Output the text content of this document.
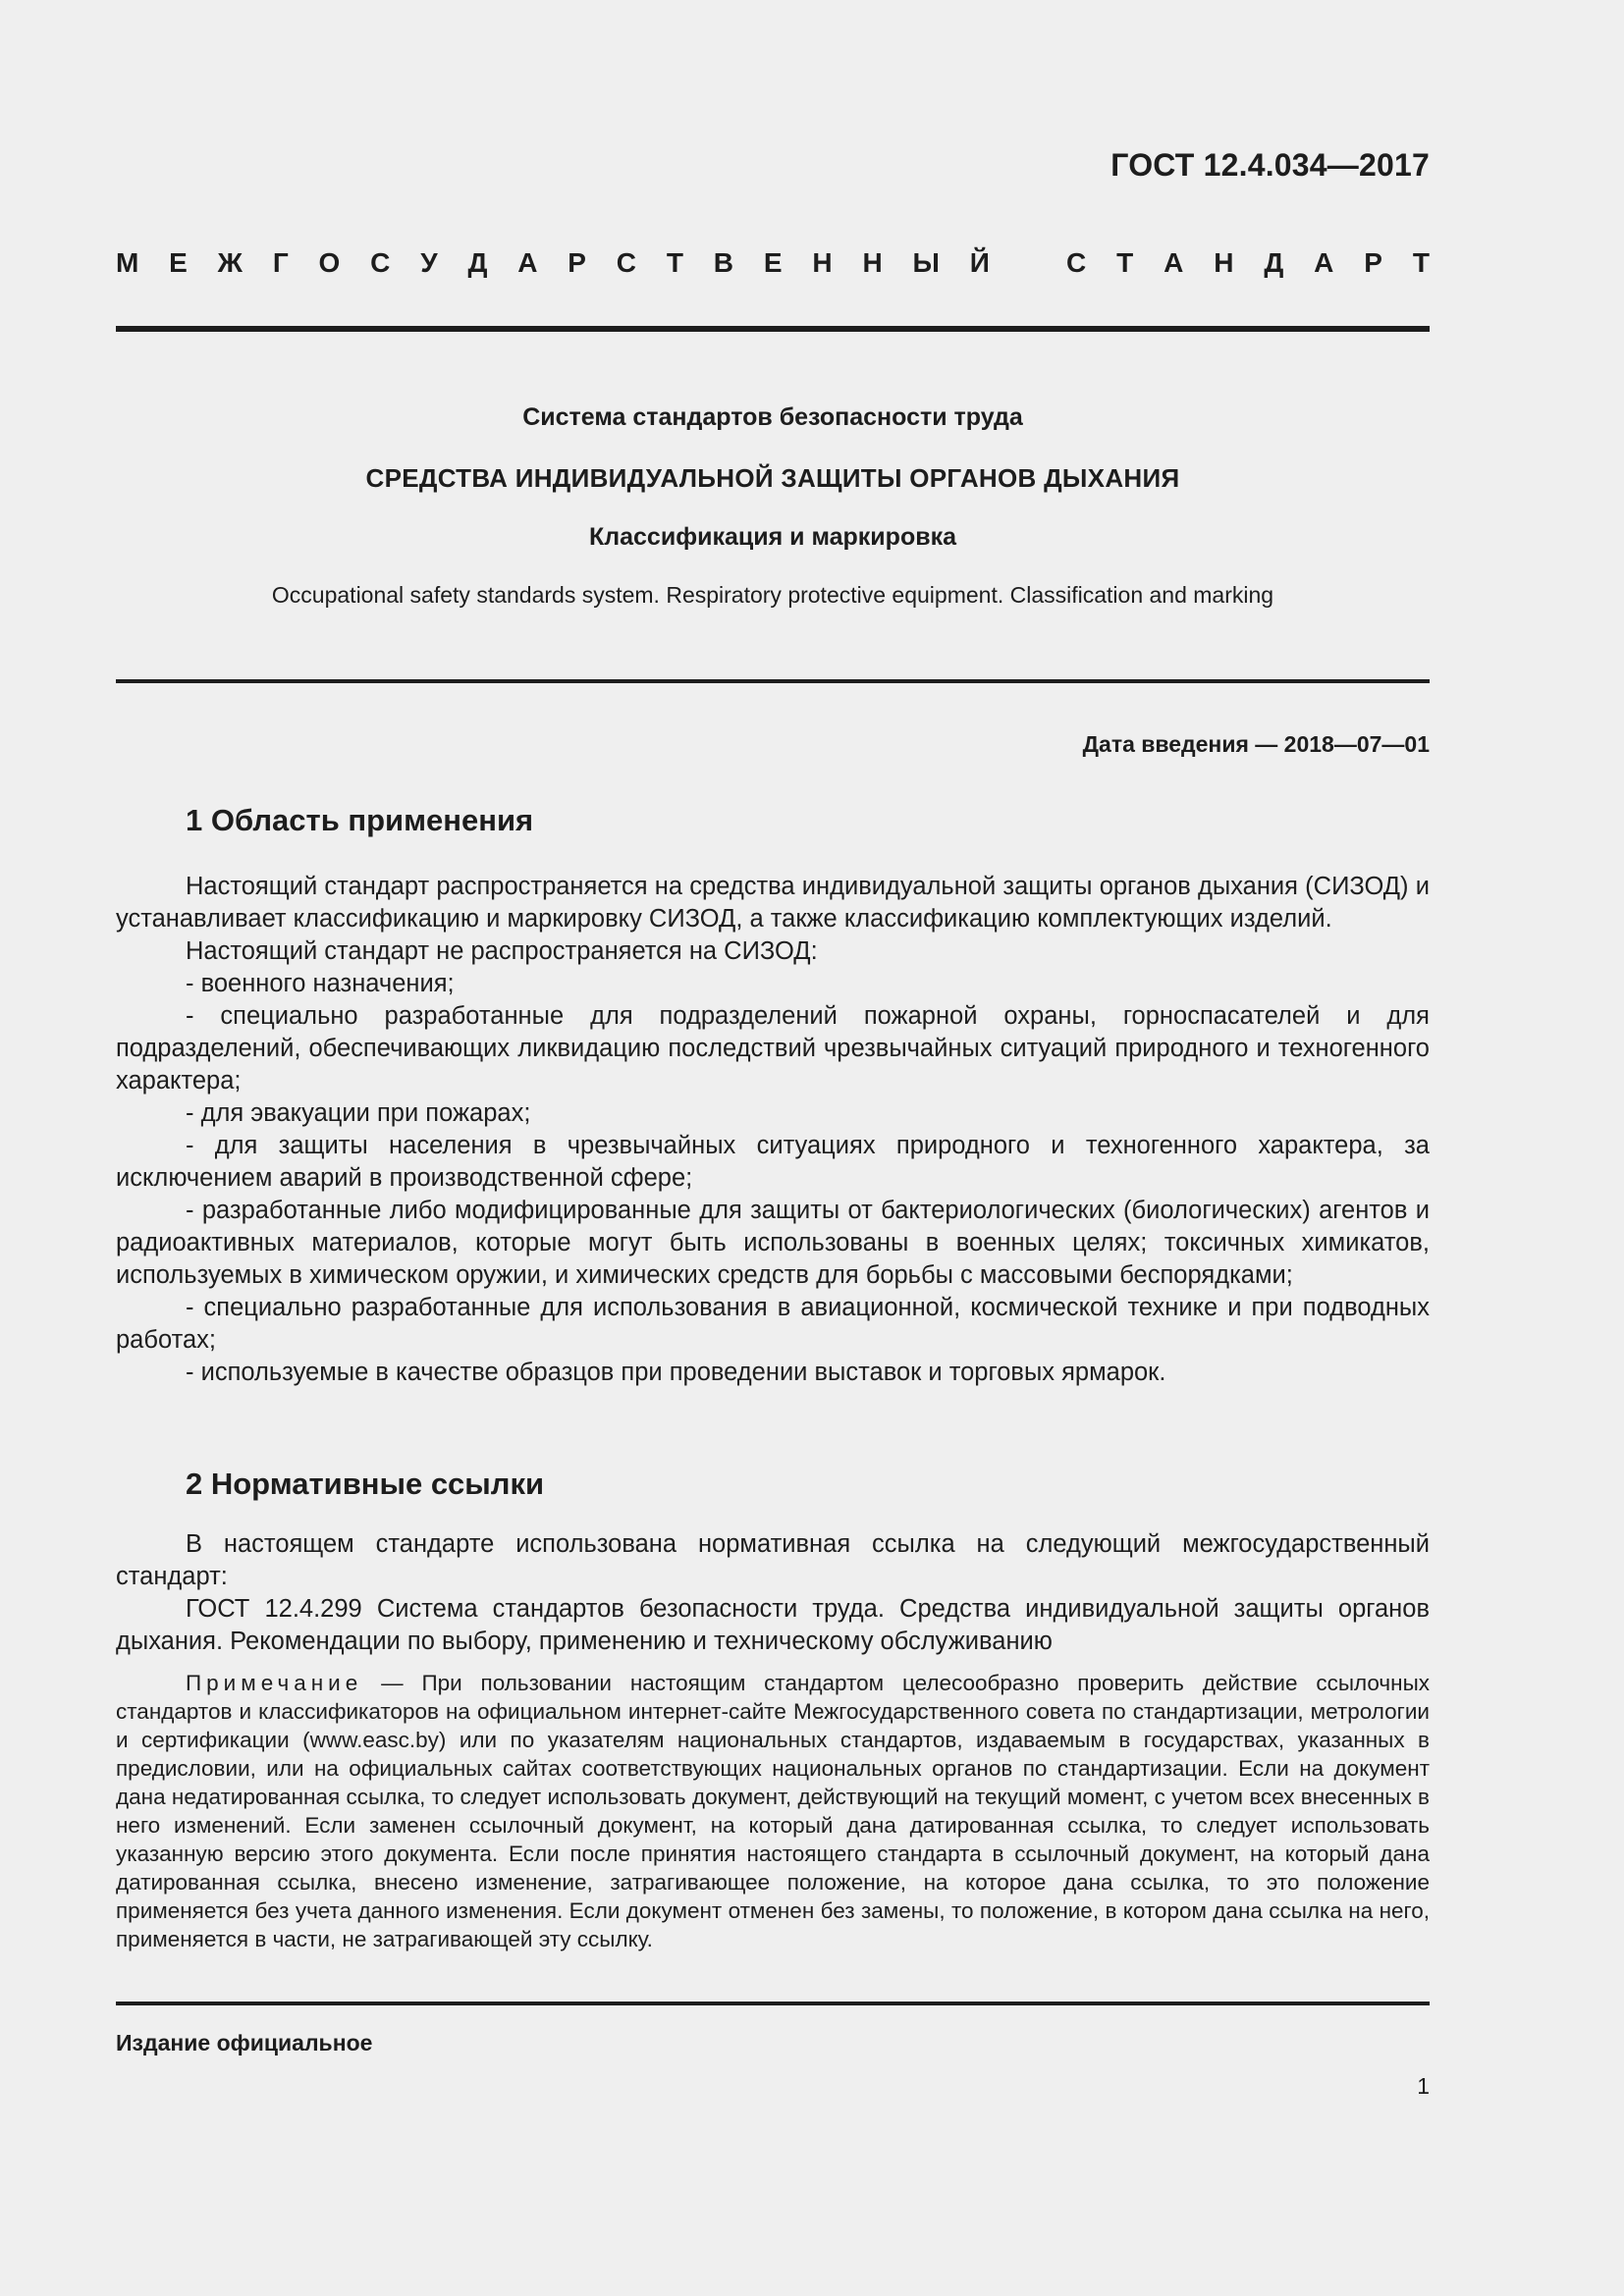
ГОСТ 12.4.034—2017
М Е Ж Г О С У Д А Р С Т В Е Н Н Ы Й	С Т А Н Д А Р Т
Система стандартов безопасности труда
СРЕДСТВА ИНДИВИДУАЛЬНОЙ ЗАЩИТЫ ОРГАНОВ ДЫХАНИЯ
Классификация и маркировка
Occupational safety standards system. Respiratory protective equipment. Classification and marking
Дата введения — 2018—07—01
1 Область применения

Настоящий стандарт распространяется на средства индивидуальной защиты органов дыхания (СИЗОД) и устанавливает классификацию и маркировку СИЗОД, а также классификацию комплектующих изделий.

Настоящий стандарт не распространяется на СИЗОД:

- военного назначения;

- специально разработанные для подразделений пожарной охраны, горноспасателей и для подразделений, обеспечивающих ликвидацию последствий чрезвычайных ситуаций природного и техногенного характера;

- для эвакуации при пожарах;

- для защиты населения в чрезвычайных ситуациях природного и техногенного характера, за исключением аварий в производственной сфере;

- разработанные либо модифицированные для защиты от бактериологических (биологических) агентов и радиоактивных материалов, которые могут быть использованы в военных целях; токсичных химикатов, используемых в химическом оружии, и химических средств для борьбы с массовыми беспорядками;

- специально разработанные для использования в авиационной, космической технике и при подводных работах;

- используемые в качестве образцов при проведении выставок и торговых ярмарок.

2 Нормативные ссылки

В настоящем стандарте использована нормативная ссылка на следующий межгосударственный стандарт:

ГОСТ 12.4.299 Система стандартов безопасности труда. Средства индивидуальной защиты органов дыхания. Рекомендации по выбору, применению и техническому обслуживанию

Примечание — При пользовании настоящим стандартом целесообразно проверить действие ссылочных стандартов и классификаторов на официальном интернет-сайте Межгосударственного совета по стандартизации, метрологии и сертификации (www.easc.by) или по указателям национальных стандартов, издаваемым в государствах, указанных в предисловии, или на официальных сайтах соответствующих национальных органов по стандартизации. Если на документ дана недатированная ссылка, то следует использовать документ, действующий на текущий момент, с учетом всех внесенных в него изменений. Если заменен ссылочный документ, на который дана датированная ссылка, то следует использовать указанную версию этого документа. Если после принятия настоящего стандарта в ссылочный документ, на который дана датированная ссылка, внесено изменение, затрагивающее положение, на которое дана ссылка, то это положение применяется без учета данного изменения. Если документ отменен без замены, то положение, в котором дана ссылка на него, применяется в части, не затрагивающей эту ссылку.
Издание официальное
1
